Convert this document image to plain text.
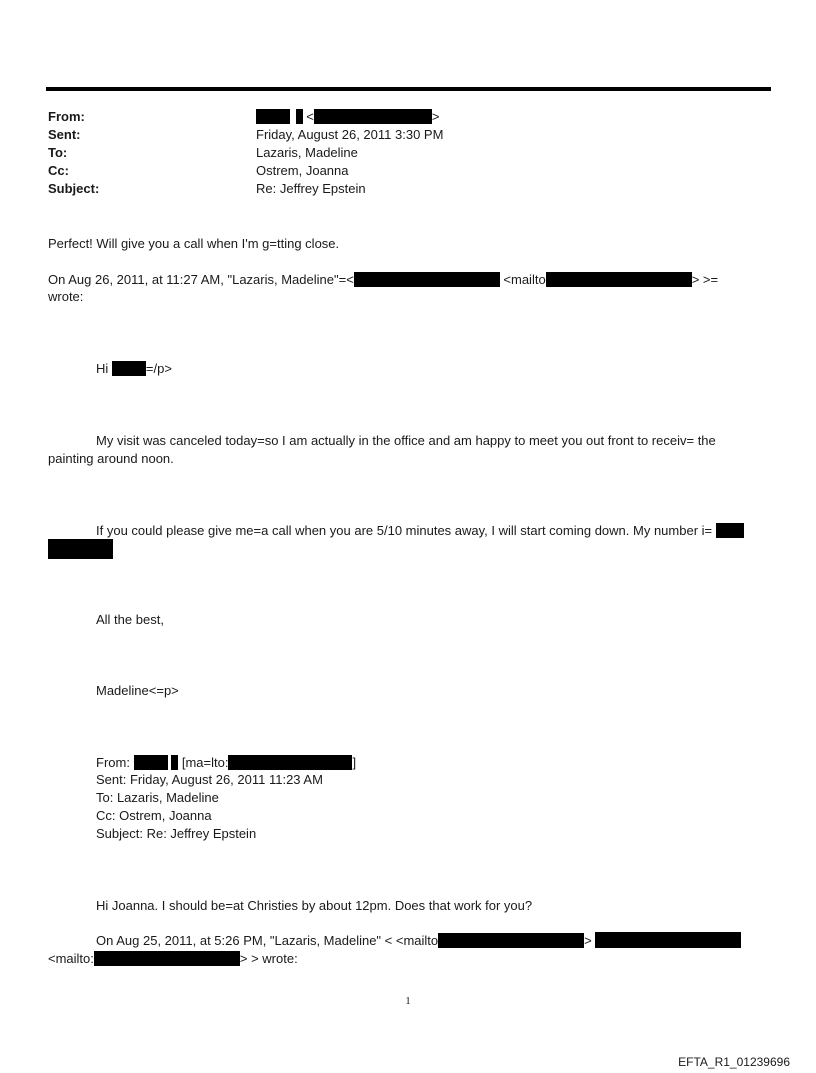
From:	<	>
Sent:	Friday, August 26, 2011 3:30 PM
To:	Lazaris, Madeline
Cc:	Ostrem, Joanna
Subject:	Re: Jeffrey Epstein
Perfect! Will give you a call when I'm g=tting close.
On Aug 26, 2011, at 11:27 AM, "Lazaris, Madeline"=<	<mailto	> >=
wrote:
Hi	=/p>
My visit was canceled today=so I am actually in the office and am happy to meet you out front to receiv= the
painting around noon.
If you could please give me=a call when you are 5/10 minutes away, I will start coming down. My number i=
All the best,
Madeline<=p>
From:	[ma=lto:	]
Sent: Friday, August 26, 2011 11:23 AM
To: Lazaris, Madeline
Cc: Ostrem, Joanna
Subject: Re: Jeffrey Epstein
Hi Joanna. I should be=at Christies by about 12pm. Does that work for you?
On Aug 25, 2011, at 5:26 PM, "Lazaris, Madeline" < <mailto	>
<mailto:	> > wrote:
1
EFTA_R1_01239696
